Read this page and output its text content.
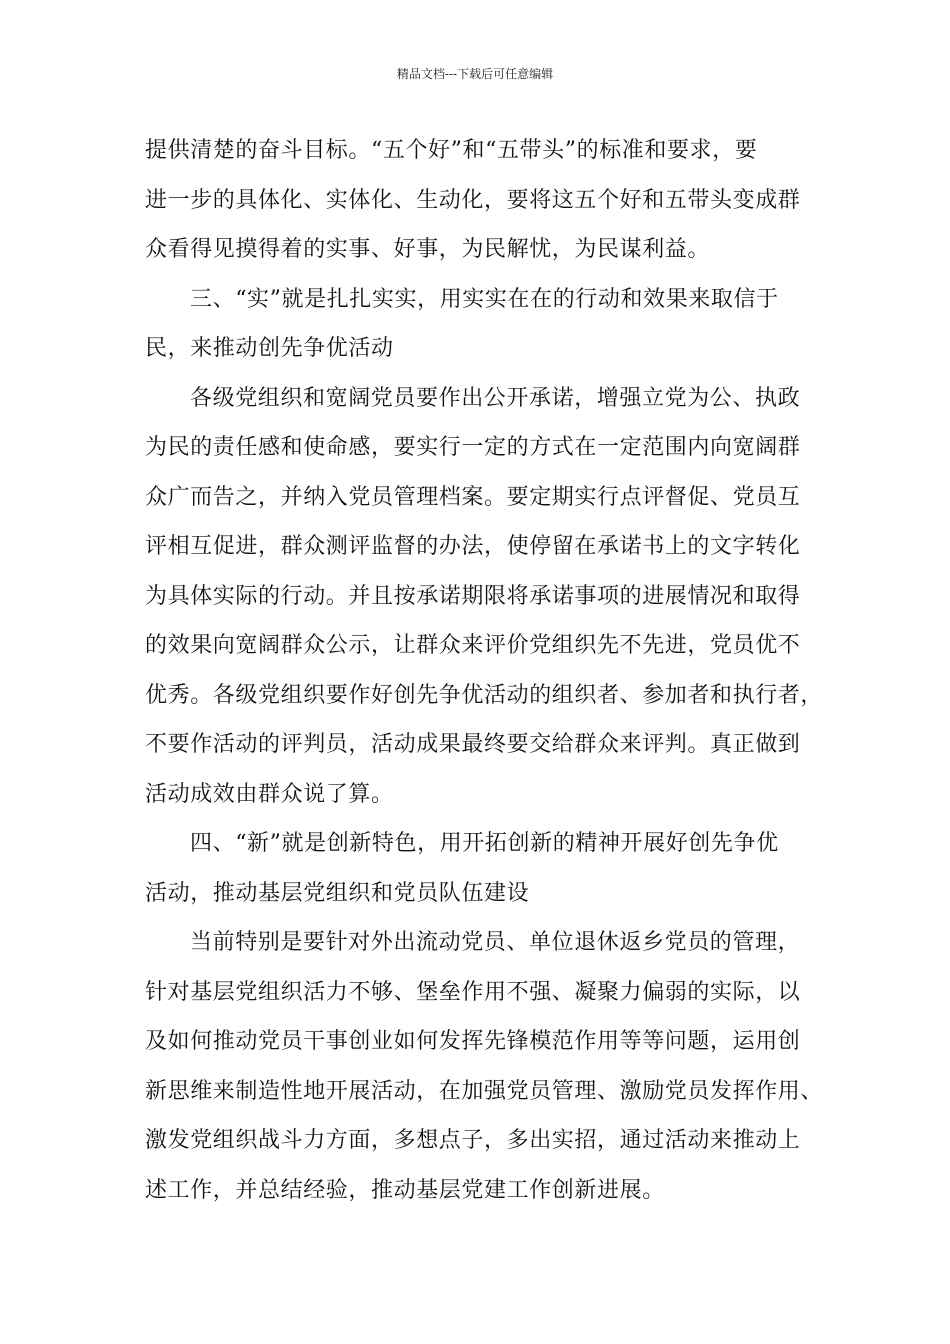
精品文档---下载后可任意编辑
提供清楚的奋斗目标。“五个好”和“五带头”的标准和要求，要
进一步的具体化、实体化、生动化，要将这五个好和五带头变成群
众看得见摸得着的实事、好事，为民解忧，为民谋利益。
三、“实”就是扎扎实实，用实实在在的行动和效果来取信于
民，来推动创先争优活动
各级党组织和宽阔党员要作出公开承诺，增强立党为公、执政
为民的责任感和使命感，要实行一定的方式在一定范围内向宽阔群
众广而告之，并纳入党员管理档案。要定期实行点评督促、党员互
评相互促进，群众测评监督的办法，使停留在承诺书上的文字转化
为具体实际的行动。并且按承诺期限将承诺事项的进展情况和取得
的效果向宽阔群众公示，让群众来评价党组织先不先进，党员优不
优秀。各级党组织要作好创先争优活动的组织者、参加者和执行者，
不要作活动的评判员，活动成果最终要交给群众来评判。真正做到
活动成效由群众说了算。
四、“新”就是创新特色，用开拓创新的精神开展好创先争优
活动，推动基层党组织和党员队伍建设
当前特别是要针对外出流动党员、单位退休返乡党员的管理，
针对基层党组织活力不够、堡垒作用不强、凝聚力偏弱的实际，以
及如何推动党员干事创业如何发挥先锋模范作用等等问题，运用创
新思维来制造性地开展活动，在加强党员管理、激励党员发挥作用、
激发党组织战斗力方面，多想点子，多出实招，通过活动来推动上
述工作，并总结经验，推动基层党建工作创新进展。
